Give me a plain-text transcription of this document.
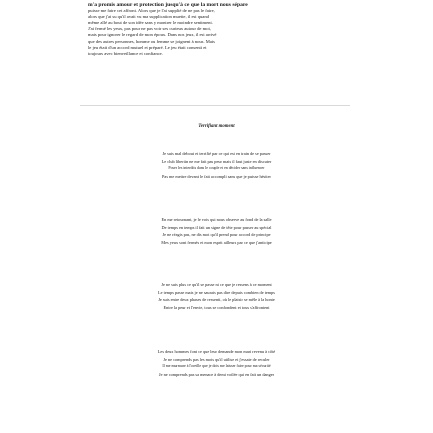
m'a promis amour et protection jusqu'à ce que la mort nous sépare
puisse me faire cet affront. Alors que je l'ai supplié de ne pas le faire,
alors que j'ai su qu'il avait vu ma supplication muette, il est quand
même allé au bout de son idée sans y montrer le moindre sentiment.
J'ai fermé les yeux, pas pour ne pas voir ses curieux autour de moi,
mais pour ignorer le regard de mon époux. Dans nos jeux, il est arrivé
que des autres personnes, homme ou femme se joignent à nous. Mais
le jeu était d'un accord mutuel et préparé. Le jeu était consenti et
toujours avec bienveillance et confiance.
Terrifiant moment
Je suis mal debout et terrifié par ce qui est en train de se passer
Le club libertin ne me fait pas peur mais il faut juste en discuter
Poser les interdits dans le couple et en décider sans influencer
Pas me mettre devant le fait accompli sans que je puisse hésiter
En me retournant, je le vois qui nous observe au fond de la salle
De temps en temps il fait un signe de tête pour passer au spécial
Je ne réagis pas, ne dis mot qu'il prend pour accord de principe
Mes yeux sont fermés et mon esprit ailleurs par ce que j'anticipe
Je ne suis plus ce qu'il se passe ni ce que je ressens à ce moment
Le temps passe mais je ne saurais pas dire depuis combien de temps
Je suis entre deux phases de ressenti, où le plaisir se mêle à la honte
Entre la peur et l'envie, tous se confondent et tous s'affrontent
Les deux hommes font ce que leur demande mon mari revenu à côté
Je ne comprends pas les mots qu'il utilise et j'essaie de reculer
Il me murmure à l'oreille que je dois me laisser faire pour ma sécurité
Je ne comprends pas sa menace à demi voilée qui en fait un danger
